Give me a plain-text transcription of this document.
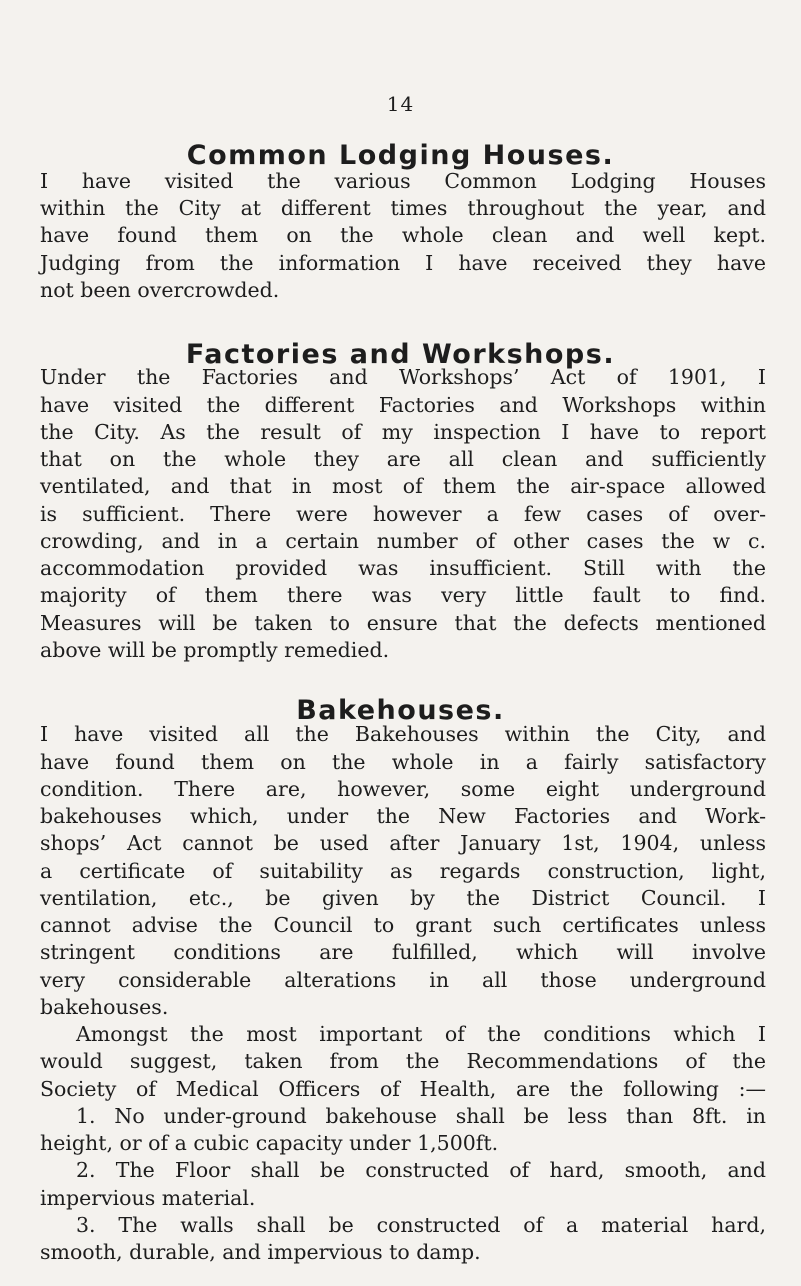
14
Common Lodging Houses.
I have visited the various Common Lodging Houses
within the City at different times throughout the year, and
have found them on the whole clean and well kept.
Judging from the information I have received they have
not been overcrowded.
Factories and Workshops.
Under the Factories and Workshops’ Act of 1901, I
have visited the different Factories and Workshops within
the City. As the result of my inspection I have to report
that on the whole they are all clean and sufficiently
ventilated, and that in most of them the air-space allowed
is sufficient. There were however a few cases of over-
crowding, and in a certain number of other cases the w c.
accommodation provided was insufficient. Still with the
majority of them there was very little fault to find.
Measures will be taken to ensure that the defects mentioned
above will be promptly remedied.
Bakehouses.
I have visited all the Bakehouses within the City, and
have found them on the whole in a fairly satisfactory
condition. There are, however, some eight underground
bakehouses which, under the New Factories and Work-
shops’ Act cannot be used after January 1st, 1904, unless
a certificate of suitability as regards construction, light,
ventilation, etc., be given by the District Council. I
cannot advise the Council to grant such certificates unless
stringent conditions are fulfilled, which will involve
very considerable alterations in all those underground
bakehouses.
Amongst the most important of the conditions which I
would suggest, taken from the Recommendations of the
Society of Medical Officers of Health, are the following :—
1. No under-ground bakehouse shall be less than 8ft. in
height, or of a cubic capacity under 1,500ft.
2. The Floor shall be constructed of hard, smooth, and
impervious material.
3. The walls shall be constructed of a material hard,
smooth, durable, and impervious to damp.
